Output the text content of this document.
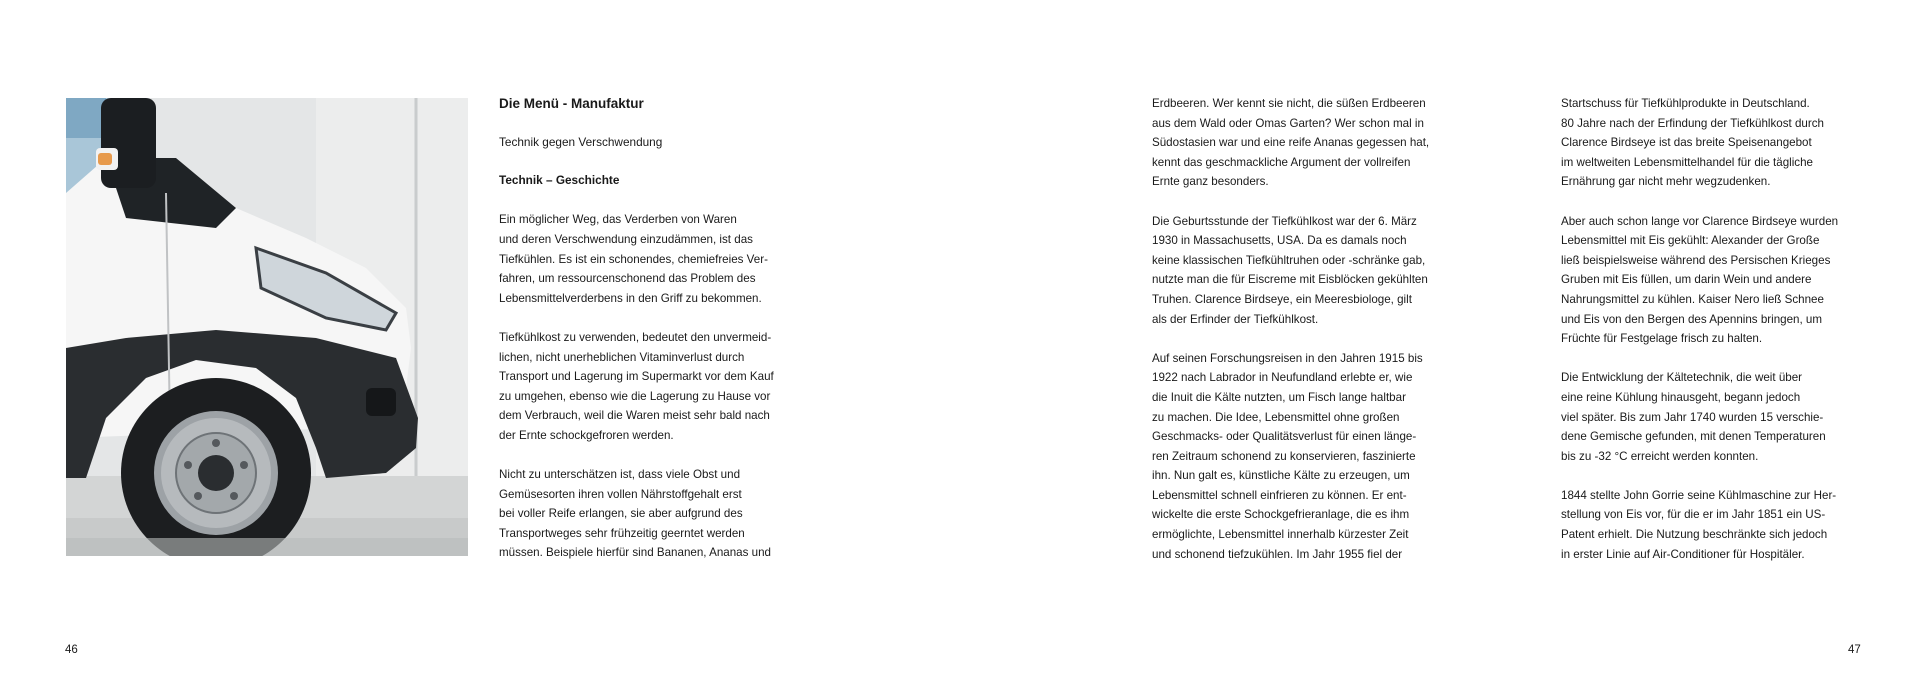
Die Menü - Manufaktur

Technik gegen Verschwendung

Technik – Geschichte

Ein möglicher Weg, das Verderben von Waren
und deren Verschwendung einzudämmen, ist das
Tiefkühlen. Es ist ein schonendes, chemiefreies Ver-
fahren, um ressourcenschonend das Problem des
Lebensmittelverderbens in den Griff zu bekommen.

Tiefkühlkost zu verwenden, bedeutet den unvermeid-
lichen, nicht unerheblichen Vitaminverlust durch
Transport und Lagerung im Supermarkt vor dem Kauf
zu umgehen, ebenso wie die Lagerung zu Hause vor
dem Verbrauch, weil die Waren meist sehr bald nach
der Ernte schockgefroren werden.

Nicht zu unterschätzen ist, dass viele Obst und
Gemüsesorten ihren vollen Nährstoffgehalt erst
bei voller Reife erlangen, sie aber aufgrund des
Transportweges sehr frühzeitig geerntet werden
müssen. Beispiele hierfür sind Bananen, Ananas und

46

Erdbeeren. Wer kennt sie nicht, die süßen Erdbeeren
aus dem Wald oder Omas Garten? Wer schon mal in
Südostasien war und eine reife Ananas gegessen hat,
kennt das geschmackliche Argument der vollreifen
Ernte ganz besonders.

Die Geburtsstunde der Tiefkühlkost war der 6. März
1930 in Massachusetts, USA. Da es damals noch
keine klassischen Tiefkühltruhen oder -schränke gab,
nutzte man die für Eiscreme mit Eisblöcken gekühlten
Truhen. Clarence Birdseye, ein Meeresbiologe, gilt
als der Erfinder der Tiefkühlkost.

Auf seinen Forschungsreisen in den Jahren 1915 bis
1922 nach Labrador in Neufundland erlebte er, wie
die Inuit die Kälte nutzten, um Fisch lange haltbar
zu machen. Die Idee, Lebensmittel ohne großen
Geschmacks- oder Qualitätsverlust für einen länge-
ren Zeitraum schonend zu konservieren, faszinierte
ihn. Nun galt es, künstliche Kälte zu erzeugen, um
Lebensmittel schnell einfrieren zu können. Er ent-
wickelte die erste Schockgefrieranlage, die es ihm
ermöglichte, Lebensmittel innerhalb kürzester Zeit
und schonend tiefzukühlen. Im Jahr 1955 fiel der

Startschuss für Tiefkühlprodukte in Deutschland.
80 Jahre nach der Erfindung der Tiefkühlkost durch
Clarence Birdseye ist das breite Speisenangebot
im weltweiten Lebensmittelhandel für die tägliche
Ernährung gar nicht mehr wegzudenken.

Aber auch schon lange vor Clarence Birdseye wurden
Lebensmittel mit Eis gekühlt: Alexander der Große
ließ beispielsweise während des Persischen Krieges
Gruben mit Eis füllen, um darin Wein und andere
Nahrungsmittel zu kühlen. Kaiser Nero ließ Schnee
und Eis von den Bergen des Apennins bringen, um
Früchte für Festgelage frisch zu halten.

Die Entwicklung der Kältetechnik, die weit über
eine reine Kühlung hinausgeht, begann jedoch
viel später. Bis zum Jahr 1740 wurden 15 verschie-
dene Gemische gefunden, mit denen Temperaturen
bis zu -32 °C erreicht werden konnten.

1844 stellte John Gorrie seine Kühlmaschine zur Her-
stellung von Eis vor, für die er im Jahr 1851 ein US-
Patent erhielt. Die Nutzung beschränkte sich jedoch
in erster Linie auf Air-Conditioner für Hospitäler.

47
